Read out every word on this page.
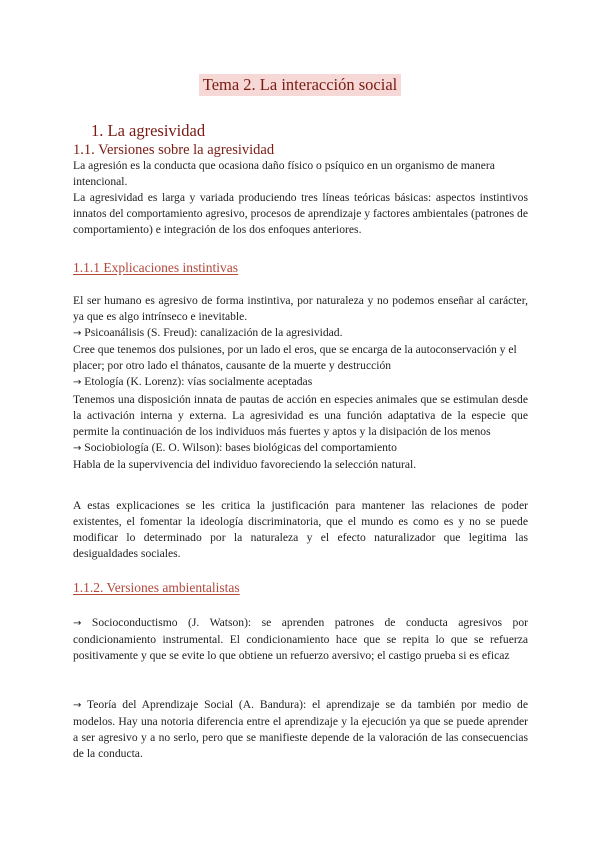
Tema 2. La interacción social
1. La agresividad
1.1. Versiones sobre la agresividad

La agresión es la conducta que ocasiona daño físico o psíquico en un organismo de manera intencional.

La agresividad es larga y variada produciendo tres líneas teóricas básicas: aspectos instintivos innatos del comportamiento agresivo, procesos de aprendizaje y factores ambientales (patrones de comportamiento) e integración de los dos enfoques anteriores.

1.1.1 Explicaciones instintivas

El ser humano es agresivo de forma instintiva, por naturaleza y no podemos enseñar al carácter, ya que es algo intrínseco e inevitable.

→ Psicoanálisis (S. Freud): canalización de la agresividad.

Cree que tenemos dos pulsiones, por un lado el eros, que se encarga de la autoconservación y el placer; por otro lado el thánatos, causante de la muerte y destrucción

→ Etología (K. Lorenz): vías socialmente aceptadas

Tenemos una disposición innata de pautas de acción en especies animales que se estimulan desde la activación interna y externa. La agresividad es una función adaptativa de la especie que permite la continuación de los individuos más fuertes y aptos y la disipación de los menos

→ Sociobiología (E. O. Wilson): bases biológicas del comportamiento

Habla de la supervivencia del individuo favoreciendo la selección natural.

A estas explicaciones se les critica la justificación para mantener las relaciones de poder existentes, el fomentar la ideología discriminatoria, que el mundo es como es y no se puede modificar lo determinado por la naturaleza y el efecto naturalizador que legitima las desigualdades sociales.
1.1.2. Versiones ambientalistas
→ Socioconductismo (J. Watson): se aprenden patrones de conducta agresivos por condicionamiento instrumental. El condicionamiento hace que se repita lo que se refuerza positivamente y que se evite lo que obtiene un refuerzo aversivo; el castigo prueba si es eficaz
→ Teoría del Aprendizaje Social (A. Bandura): el aprendizaje se da también por medio de modelos. Hay una notoria diferencia entre el aprendizaje y la ejecución ya que se puede aprender a ser agresivo y a no serlo, pero que se manifieste depende de la valoración de las consecuencias de la conducta.
